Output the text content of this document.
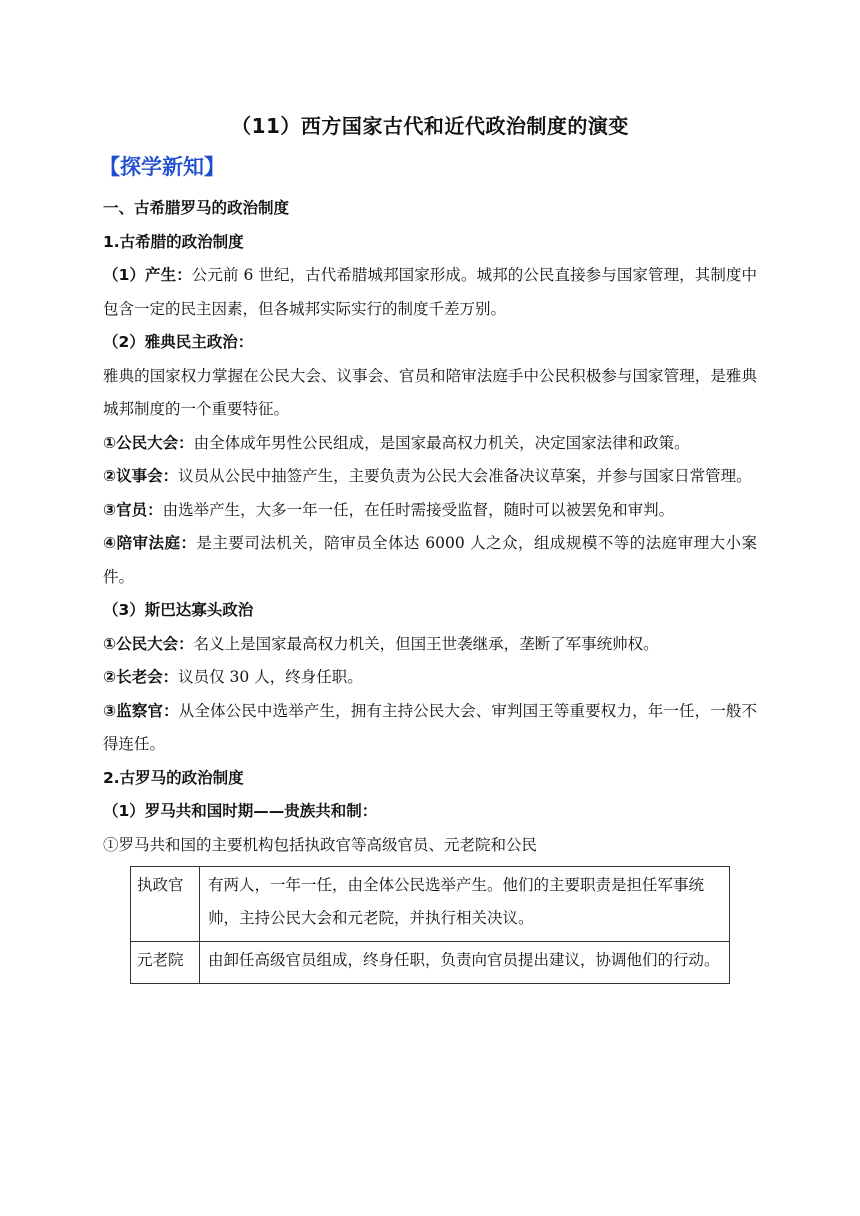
（11）西方国家古代和近代政治制度的演变
【探学新知】
一、古希腊罗马的政治制度
1.古希腊的政治制度
（1）产生：公元前 6 世纪，古代希腊城邦国家形成。城邦的公民直接参与国家管理，其制度中包含一定的民主因素，但各城邦实际实行的制度千差万别。
（2）雅典民主政治：
雅典的国家权力掌握在公民大会、议事会、官员和陪审法庭手中公民积极参与国家管理，是雅典城邦制度的一个重要特征。
①公民大会：由全体成年男性公民组成，是国家最高权力机关，决定国家法律和政策。
②议事会：议员从公民中抽签产生，主要负责为公民大会准备决议草案，并参与国家日常管理。
③官员：由选举产生，大多一年一任，在任时需接受监督，随时可以被罢免和审判。
④陪审法庭：是主要司法机关，陪审员全体达 6000 人之众，组成规模不等的法庭审理大小案件。
（3）斯巴达寡头政治
①公民大会：名义上是国家最高权力机关，但国王世袭继承，垄断了军事统帅权。
②长老会：议员仅 30 人，终身任职。
③监察官：从全体公民中选举产生，拥有主持公民大会、审判国王等重要权力，年一任，一般不得连任。
2.古罗马的政治制度
（1）罗马共和国时期——贵族共和制：
①罗马共和国的主要机构包括执政官等高级官员、元老院和公民
执政官	有两人，一年一任，由全体公民选举产生。他们的主要职责是担任军事统帅，主持公民大会和元老院，并执行相关决议。
元老院	由卸任高级官员组成，终身任职，负责向官员提出建议，协调他们的行动。
